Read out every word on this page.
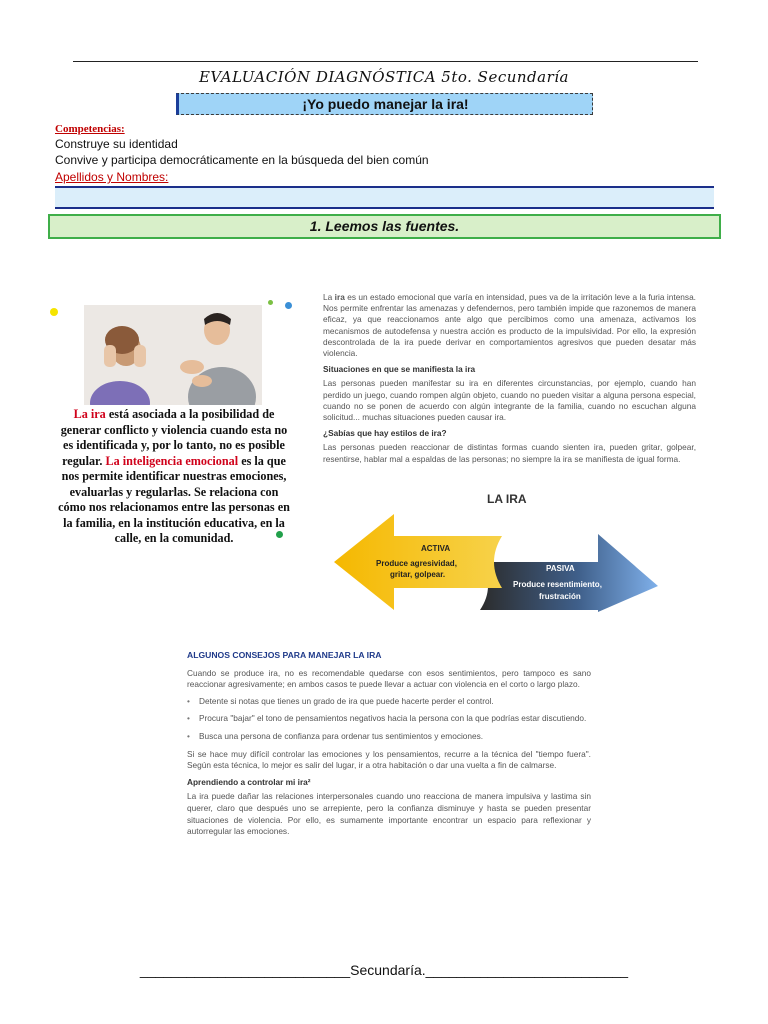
EVALUACIÓN DIAGNÓSTICA 5to. Secundaría
¡Yo puedo manejar la ira!
Competencias:
Construye su identidad
Convive y participa democráticamente en la búsqueda del bien común
Apellidos y Nombres:
1. Leemos las fuentes.
La ira está asociada a la posibilidad de generar conflicto y violencia cuando esta no es identificada y, por lo tanto, no es posible regular. La inteligencia emocional es la que nos permite identificar nuestras emociones, evaluarlas y regularlas. Se relaciona con cómo nos relacionamos entre las personas en la familia, en la institución educativa, en la calle, en la comunidad.

La ira es un estado emocional que varía en intensidad, pues va de la irritación leve a la furia intensa. Nos permite enfrentar las amenazas y defendernos, pero también impide que razonemos de manera eficaz, ya que reaccionamos ante algo que percibimos como una amenaza, activamos los mecanismos de autodefensa y nuestra acción es producto de la impulsividad. Por ello, la expresión descontrolada de la ira puede derivar en comportamientos agresivos que pueden desatar más violencia.

Situaciones en que se manifiesta la ira

Las personas pueden manifestar su ira en diferentes circunstancias, por ejemplo, cuando han perdido un juego, cuando rompen algún objeto, cuando no pueden visitar a alguna persona especial, cuando no se ponen de acuerdo con algún integrante de la familia, cuando no escuchan alguna solicitud... muchas situaciones pueden causar ira.

¿Sabías que hay estilos de ira?

Las personas pueden reaccionar de distintas formas cuando sienten ira, pueden gritar, golpear, resentirse, hablar mal a espaldas de las personas; no siempre la ira se manifiesta de igual forma.

LA IRA
ACTIVA
Produce agresividad,
gritar, golpear.
PASIVA
Produce resentimiento,
frustración
ALGUNOS CONSEJOS PARA MANEJAR LA IRA

Cuando se produce ira, no es recomendable quedarse con esos sentimientos, pero tampoco es sano reaccionar agresivamente; en ambos casos te puede llevar a actuar con violencia en el corto o largo plazo.

• Detente si notas que tienes un grado de ira que puede hacerte perder el control.
• Procura "bajar" el tono de pensamientos negativos hacia la persona con la que podrías estar discutiendo.
• Busca una persona de confianza para ordenar tus sentimientos y emociones.

Si se hace muy difícil controlar las emociones y los pensamientos, recurre a la técnica del "tiempo fuera". Según esta técnica, lo mejor es salir del lugar, ir a otra habitación o dar una vuelta a fin de calmarse.

Aprendiendo a controlar mi ira²

La ira puede dañar las relaciones interpersonales cuando uno reacciona de manera impulsiva y lastima sin querer, claro que después uno se arrepiente, pero la confianza disminuye y hasta se pueden presentar situaciones de violencia. Por ello, es sumamente importante encontrar un espacio para reflexionar y autorregular las emociones.

___________________________Secundaría.__________________________
